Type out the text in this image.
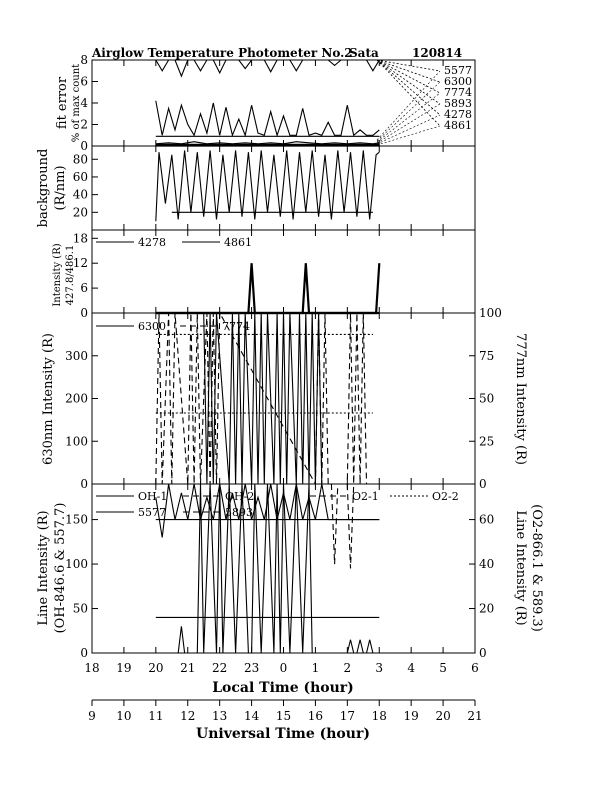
Airglow Temperature Photometer No.2
Sata	120814
0
2
4
6
8
20
40
60
80
0
6
12
18
0
100
200
300
0
25
50
75
100
0
50
100
150
0
20
40
60
18 19 20 21 22 23 0 1 2 3 4 5 6
9 10 11 12 13 14 15 16 17 18 19 20 21
5577
6300
7774
5893
4278
4861
4278	4861
6300	7774
OH-1	OH-2	O2-1	O2-2
5577	5893
fit error % of max count
background (R/nm)
Intensity (R) 427.8/486.1
630nm Intensity (R)	777nm Intensity (R)
Line Intensity (R) (OH-846.6 & 557.7)	Line Intensity (R) (O2-866.1 & 589.3)
Local Time (hour)
Universal Time (hour)
